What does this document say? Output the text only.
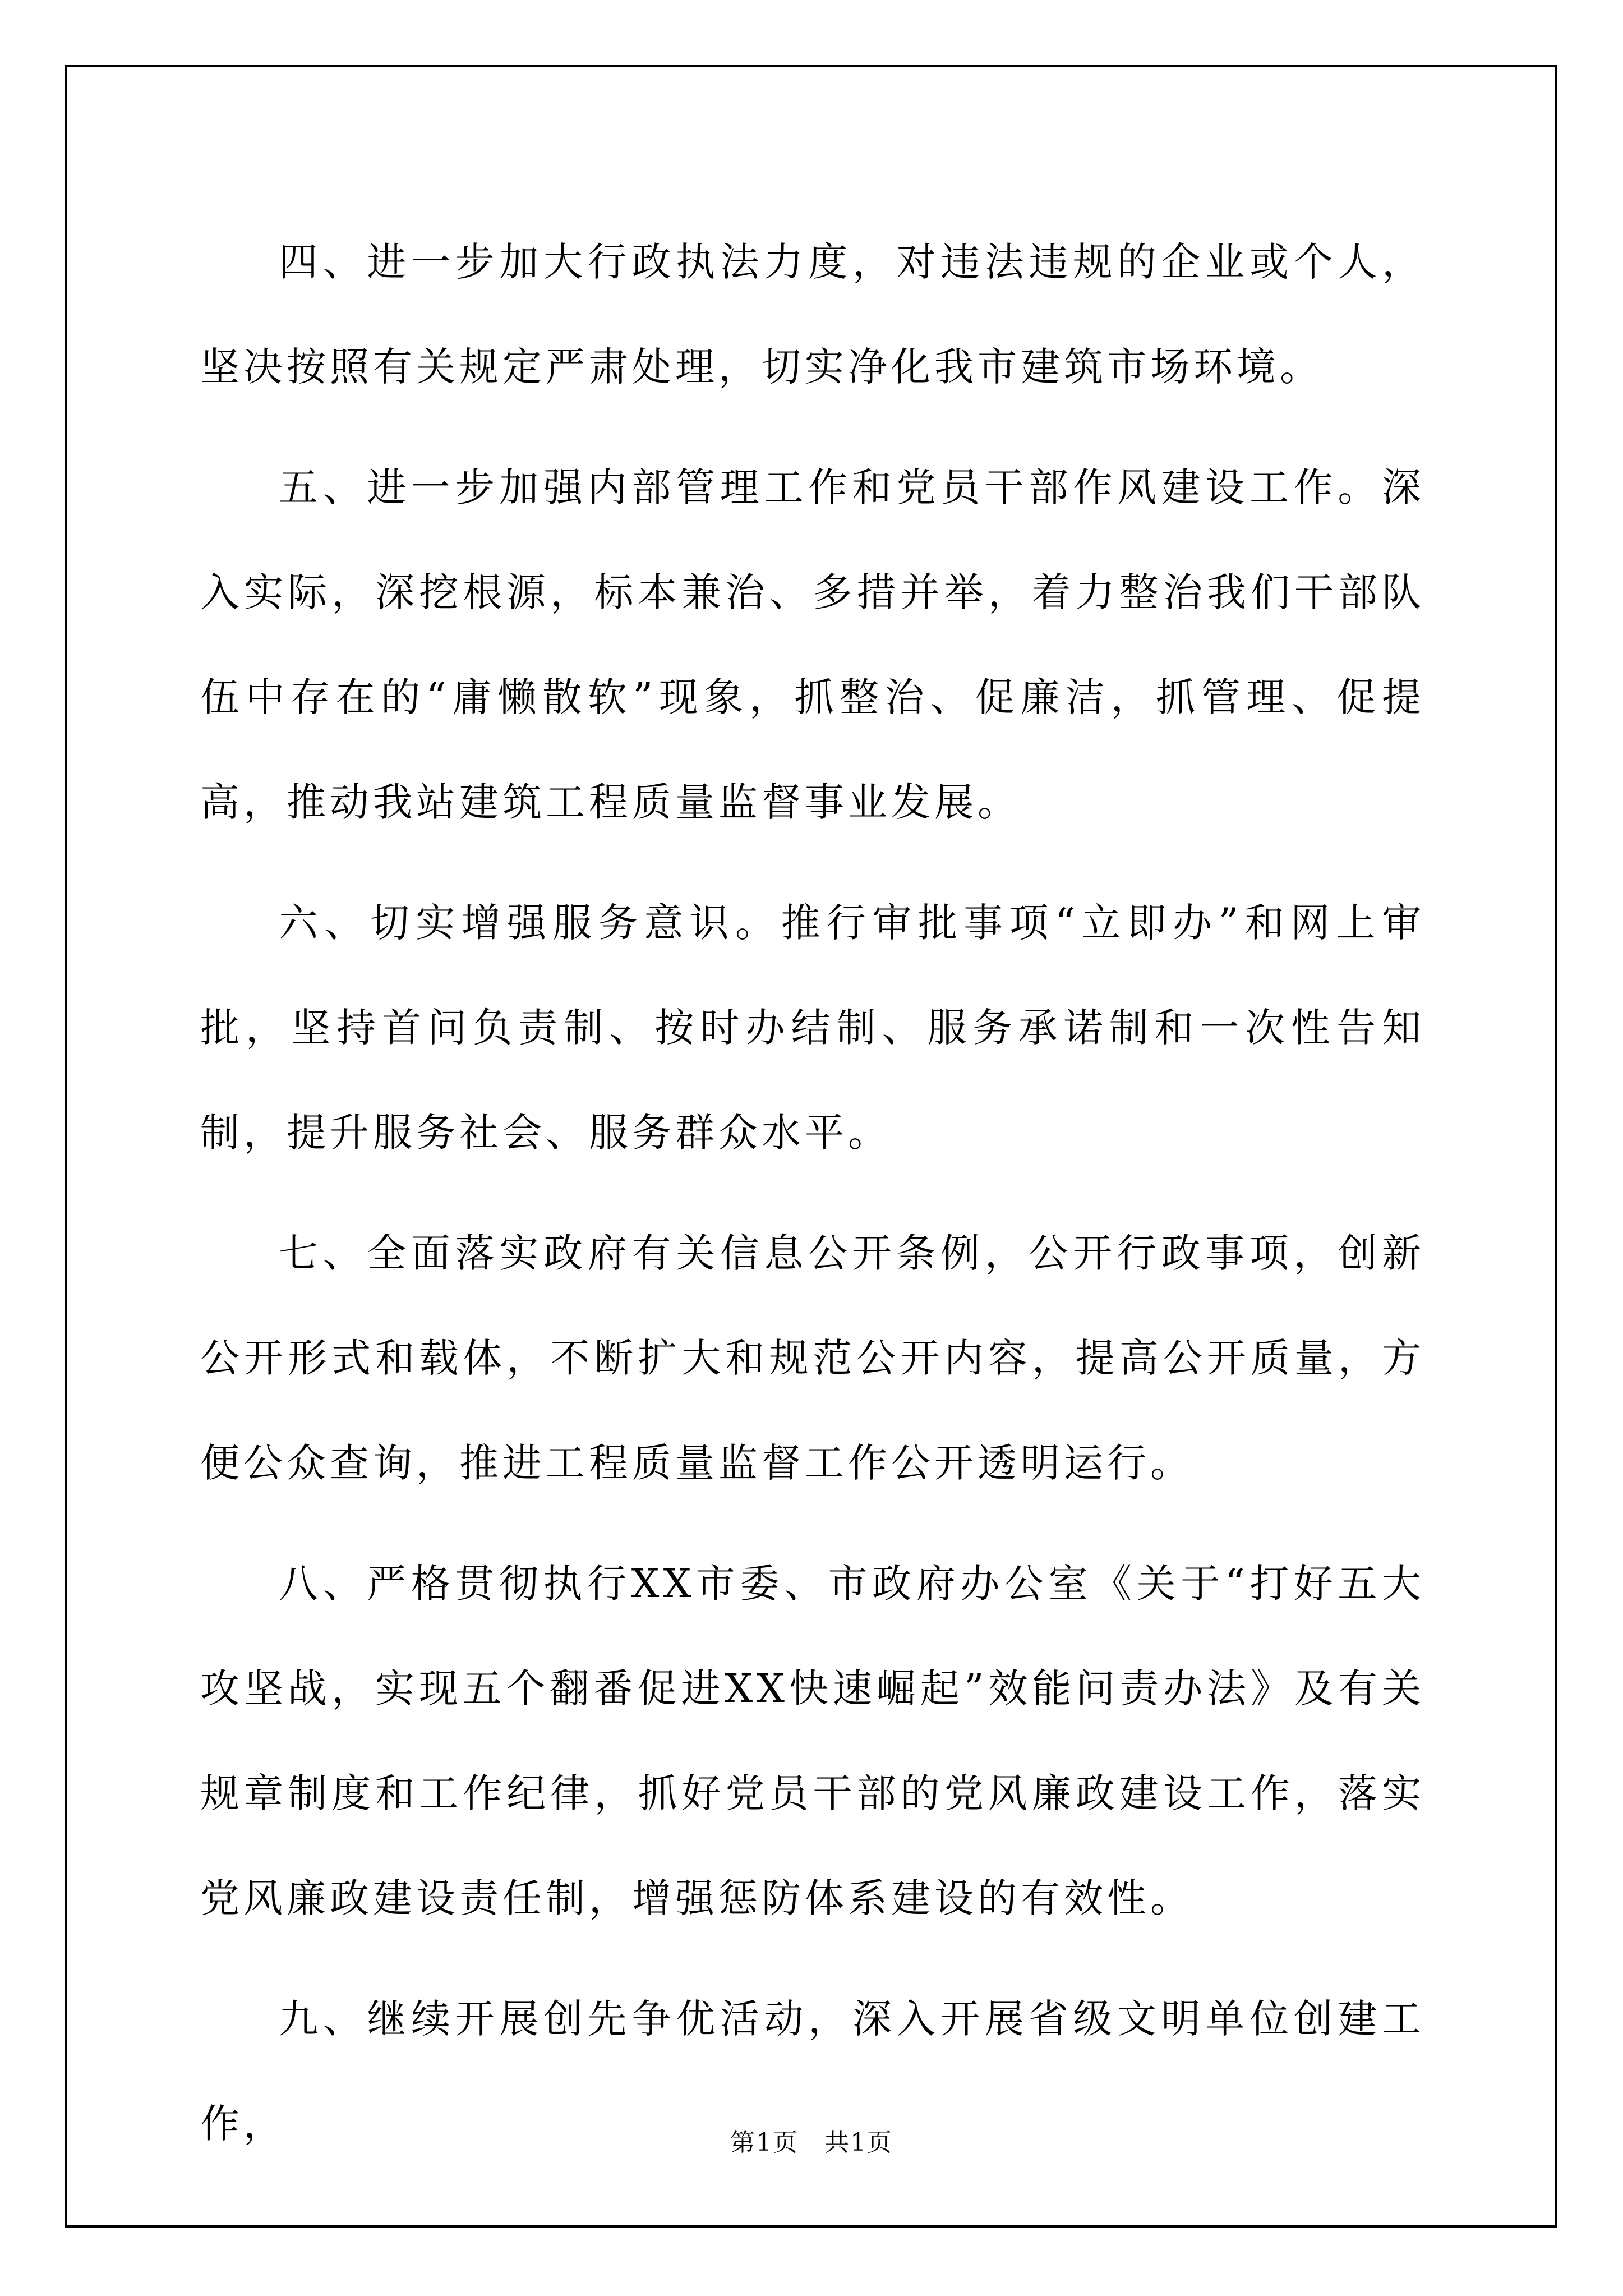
四、进一步加大行政执法力度，对违法违规的企业或个人，坚决按照有关规定严肃处理，切实净化我市建筑市场环境。

五、进一步加强内部管理工作和党员干部作风建设工作。深入实际，深挖根源，标本兼治、多措并举，着力整治我们干部队伍中存在的“庸懒散软”现象，抓整治、促廉洁，抓管理、促提高，推动我站建筑工程质量监督事业发展。

六、切实增强服务意识。推行审批事项“立即办”和网上审批，坚持首问负责制、按时办结制、服务承诺制和一次性告知制，提升服务社会、服务群众水平。

七、全面落实政府有关信息公开条例，公开行政事项，创新公开形式和载体，不断扩大和规范公开内容，提高公开质量，方便公众查询，推进工程质量监督工作公开透明运行。

八、严格贯彻执行XX市委、市政府办公室《关于“打好五大攻坚战，实现五个翻番促进XX快速崛起”效能问责办法》及有关规章制度和工作纪律，抓好党员干部的党风廉政建设工作，落实党风廉政建设责任制，增强惩防体系建设的有效性。

九、继续开展创先争优活动，深入开展省级文明单位创建工作，	第1页　共1页
